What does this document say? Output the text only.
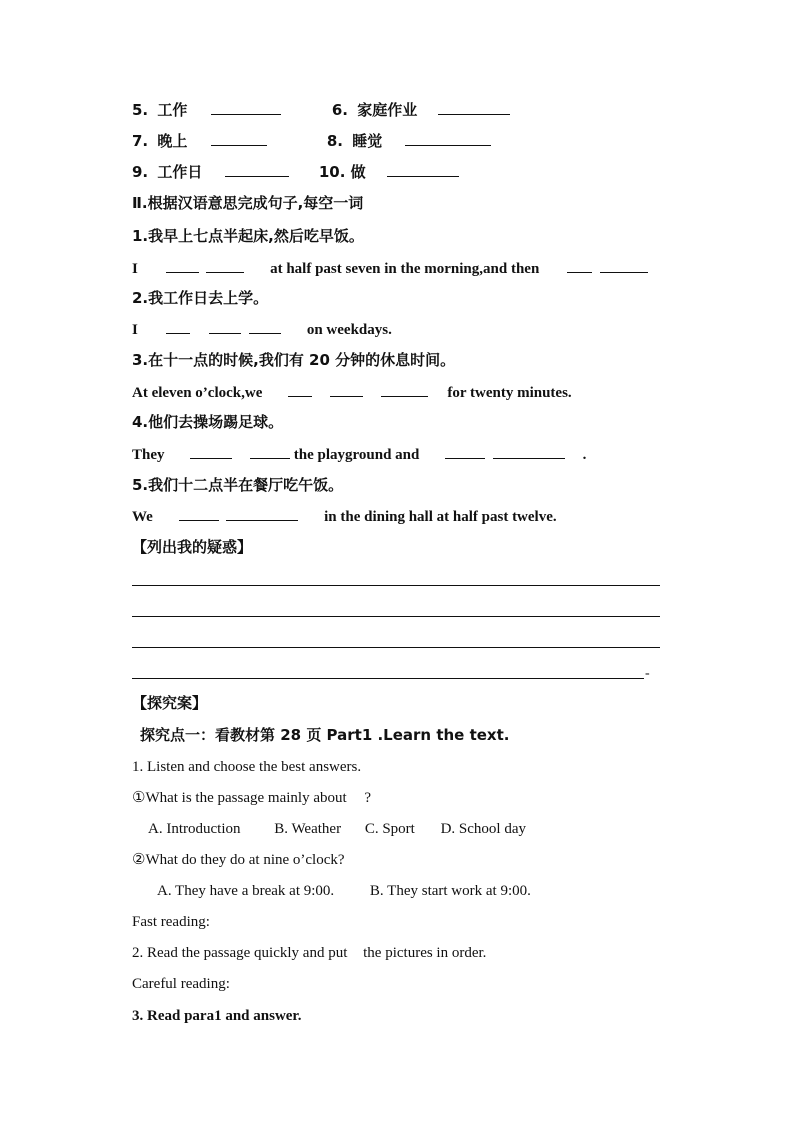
5. 工作	6. 家庭作业
7. 晚上	8. 睡觉
9. 工作日	10. 做
Ⅱ.根据汉语意思完成句子,每空一词
1.我早上七点半起床,然后吃早饭。
I	at half past seven in the morning,and then
2.我工作日去上学。
I	on weekdays.
3.在十一点的时候,我们有 20 分钟的休息时间。
At eleven o’clock,we	for twenty minutes.
4.他们去操场踢足球。
They	the playground and	.
5.我们十二点半在餐厅吃午饭。
We	in the dining hall at half past twelve.
【列出我的疑惑】
-
【探究案】
探究点一：看教材第 28 页 Part1 .Learn the text.
1. Listen and choose the best answers.
①What is the passage mainly about ?
A. Introduction B. Weather C. Sport D. School day
②What do they do at nine o’clock?
A. They have a break at 9:00. B. They start work at 9:00.
Fast reading:
2. Read the passage quickly and put the pictures in order.
Careful reading:
3. Read para1 and answer.
